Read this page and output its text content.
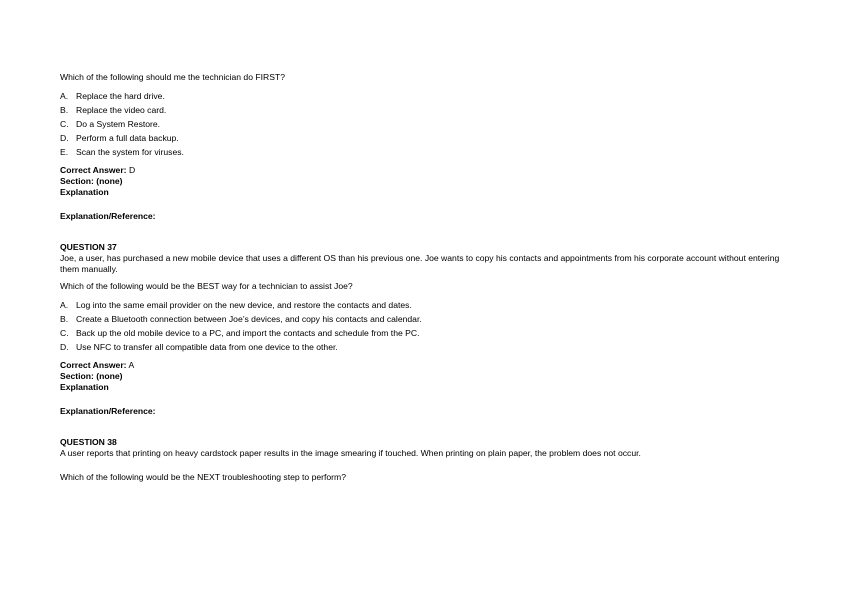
Which of the following should me the technician do FIRST?
A. Replace the hard drive.
B. Replace the video card.
C. Do a System Restore.
D. Perform a full data backup.
E. Scan the system for viruses.
Correct Answer: D
Section: (none)
Explanation
Explanation/Reference:
QUESTION 37
Joe, a user, has purchased a new mobile device that uses a different OS than his previous one. Joe wants to copy his contacts and appointments from his corporate account without entering them manually.
Which of the following would be the BEST way for a technician to assist Joe?
A. Log into the same email provider on the new device, and restore the contacts and dates.
B. Create a Bluetooth connection between Joe’s devices, and copy his contacts and calendar.
C. Back up the old mobile device to a PC, and import the contacts and schedule from the PC.
D. Use NFC to transfer all compatible data from one device to the other.
Correct Answer: A
Section: (none)
Explanation
Explanation/Reference:
QUESTION 38
A user reports that printing on heavy cardstock paper results in the image smearing if touched. When printing on plain paper, the problem does not occur.
Which of the following would be the NEXT troubleshooting step to perform?
